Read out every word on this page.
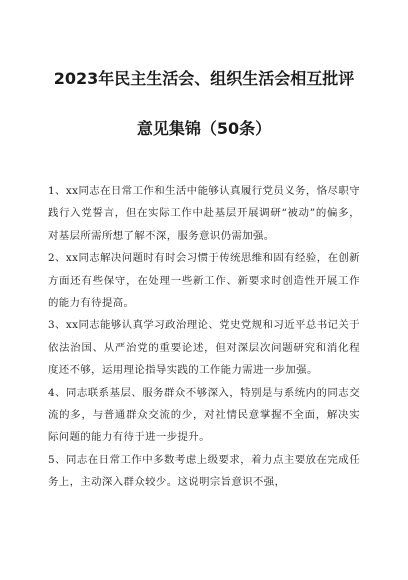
2023年民主生活会、组织生活会相互批评
意见集锦（50条）

1、xx同志在日常工作和生活中能够认真履行党员义务，恪尽职守践行入党誓言，但在实际工作中赴基层开展调研“被动”的偏多，对基层所需所想了解不深，服务意识仍需加强。

2、xx同志解决问题时有时会习惯于传统思维和固有经验，在创新方面还有些保守，在处理一些新工作、新要求时创造性开展工作的能力有待提高。

3、xx同志能够认真学习政治理论、党史党规和习近平总书记关于依法治国、从严治党的重要论述，但对深层次问题研究和消化程度还不够，运用理论指导实践的工作能力需进一步加强。

4、同志联系基层、服务群众不够深入，特别是与系统内的同志交流的多，与普通群众交流的少，对社情民意掌握不全面，解决实际问题的能力有待于进一步提升。

5、同志在日常工作中多数考虑上级要求，着力点主要放在完成任务上，主动深入群众较少。这说明宗旨意识不强，
